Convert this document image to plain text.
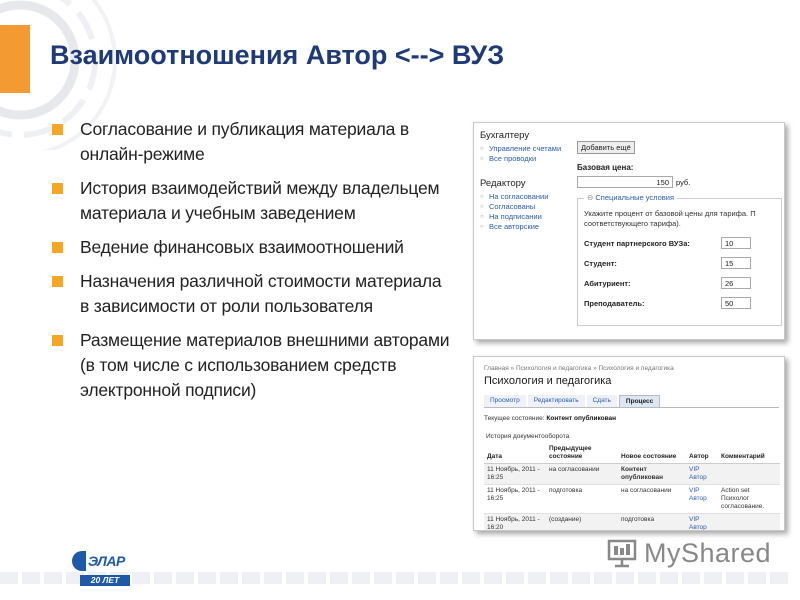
Взаимоотношения Автор <--> ВУЗ
Согласование и публикация материала в онлайн-режиме
История взаимодействий между владельцем материала и учебным заведением
Ведение финансовых взаимоотношений
Назначения различной стоимости материала в зависимости от роли пользователя
Размещение материалов внешними авторами (в том числе с использованием средств электронной подписи)
Бухгалтеру
○ Управление счетами
○ Все проводки
Редактору
○ На согласовании
○ Согласованы
○ На подписании
○ Все авторские
Добавить ещё
Базовая цена:
150 руб.
⊖ Специальные условия
Укажите процент от базовой цены для тарифа. П соответствующего тарифа).
Студент партнерского ВУЗа:	10
Студент:	15
Абитуриент:	26
Преподаватель:	50
Главная » Психология и педагогика » Психология и педагогика
Психология и педагогика
Просмотр	Редактировать	Сдать	Процесс
Текущее состояние: Контент опубликован
История документооборота
Дата	Предыдущее состояние	Новое состояние	Автор	Комментарий
11 Ноябрь, 2011 - 16:25	на согласовании	Контент опубликован	VIP Автор	
11 Ноябрь, 2011 - 16:25	подготовка	на согласовании	VIP Автор	Action set Психолог согласование.
11 Ноябрь, 2011 - 16:20	(создание)	подготовка	VIP Автор	
ЭЛАР
20 ЛЕТ
MyShared
